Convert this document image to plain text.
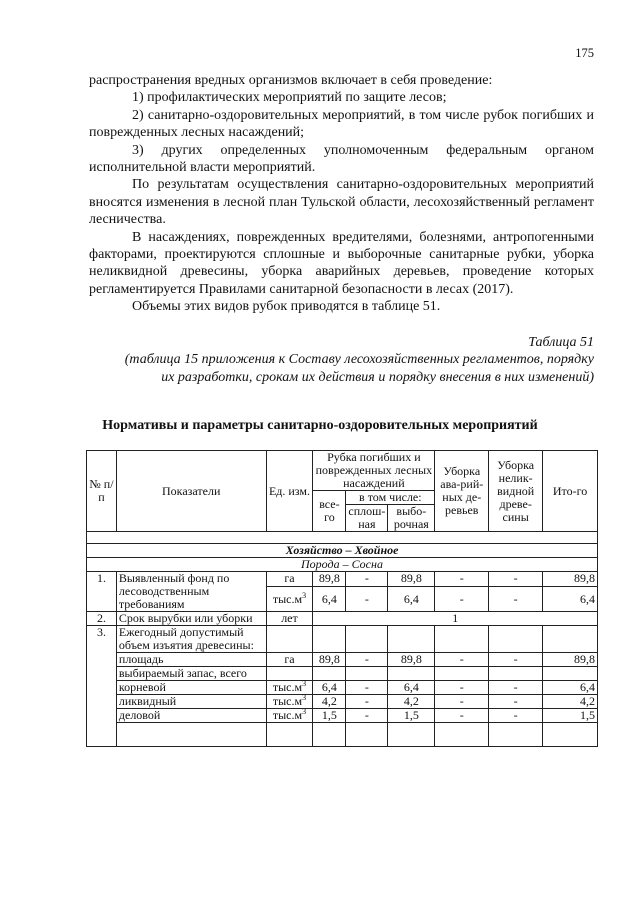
175

распространения вредных организмов включает в себя проведение:

1) профилактических мероприятий по защите лесов;

2) санитарно-оздоровительных мероприятий, в том числе рубок погибших и поврежденных лесных насаждений;

3) других определенных уполномоченным федеральным органом исполнительной власти мероприятий.

По результатам осуществления санитарно-оздоровительных мероприятий вносятся изменения в лесной план Тульской области, лесохозяйственный регламент лесничества.

В насаждениях, поврежденных вредителями, болезнями, антропогенными факторами, проектируются сплошные и выборочные санитарные рубки, уборка неликвидной древесины, уборка аварийных деревьев, проведение которых регламентируется Правилами санитарной безопасности в лесах (2017).

Объемы этих видов рубок приводятся в таблице 51.

Таблица 51
(таблица 15 приложения к Составу лесохозяйственных регламентов, порядку их разработки, срокам их действия и порядку внесения в них изменений)
Нормативы и параметры санитарно-оздоровительных мероприятий
№ п/п	Показатели	Ед. изм.	Рубка погибших и поврежденных лесных насаждений			Уборка ава-рий-ных де-ревьев	Уборка нелик-видной древе-сины	Ито-го
			все-го	в том числе:				
				сплош-ная	выбо-рочная			

Хозяйство – Хвойное								
Порода – Сосна								
1.	Выявленный фонд по лесоводственным требованиям	га	89,8	-	89,8	-	-	89,8
		$тыс.м^3$	6,4	-	6,4	-	-	6,4
2.	Срок вырубки или уборки	лет	1					
3.	Ежегодный допустимый объем изъятия древесины:							
	площадь	га	89,8	-	89,8	-	-	89,8
	выбираемый запас, всего							
	корневой	$тыс.м^3$	6,4	-	6,4	-	-	6,4
	ликвидный	$тыс.м^3$	4,2	-	4,2	-	-	4,2
	деловой	$тыс.м^3$	1,5	-	1,5	-	-	1,5
